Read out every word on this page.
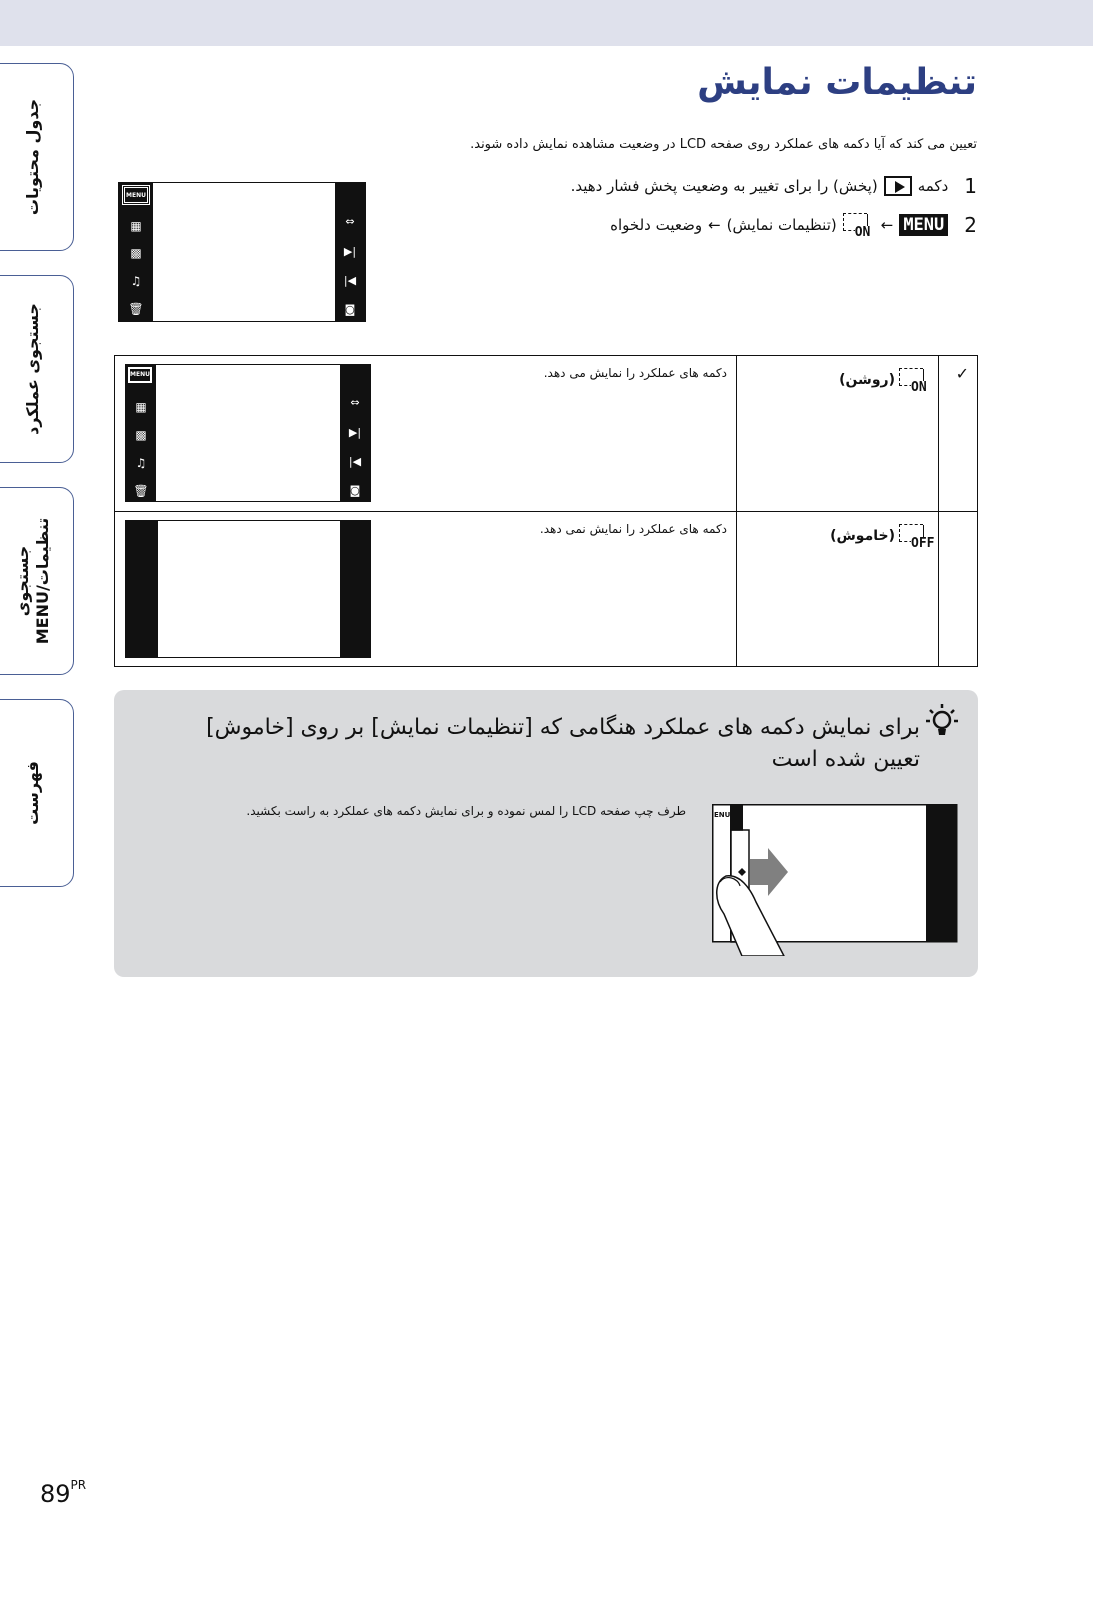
جدول محتویات
جستجوی عملکرد
جستجوی MENU/تنظیمات
فهرست
تنظیمات نمایش
تعیین می کند که آیا دکمه های عملکرد روی صفحه LCD در وضعیت مشاهده نمایش داده شوند.
1
دکمه
(پخش) را برای تغییر به وضعیت پخش فشار دهید.
2
MENU
←
ON
(تنظیمات نمایش)
←
وضعیت دلخواه
MENU
▦
▩
♫
🗑
⇔
▶|
|◀
◙
✓
ON
(روشن)
دکمه های عملکرد را نمایش می دهد.
MENU
▦
▩
♫
🗑
⇔
▶|
|◀
◙
OFF
(خاموش)
دکمه های عملکرد را نمایش نمی دهد.
برای نمایش دکمه های عملکرد هنگامی که [تنظیمات نمایش] بر روی [خاموش] تعیین شده است
طرف چپ صفحه LCD را لمس نموده و برای نمایش دکمه های عملکرد به راست بکشید.	ENU
$89^{PR}$
